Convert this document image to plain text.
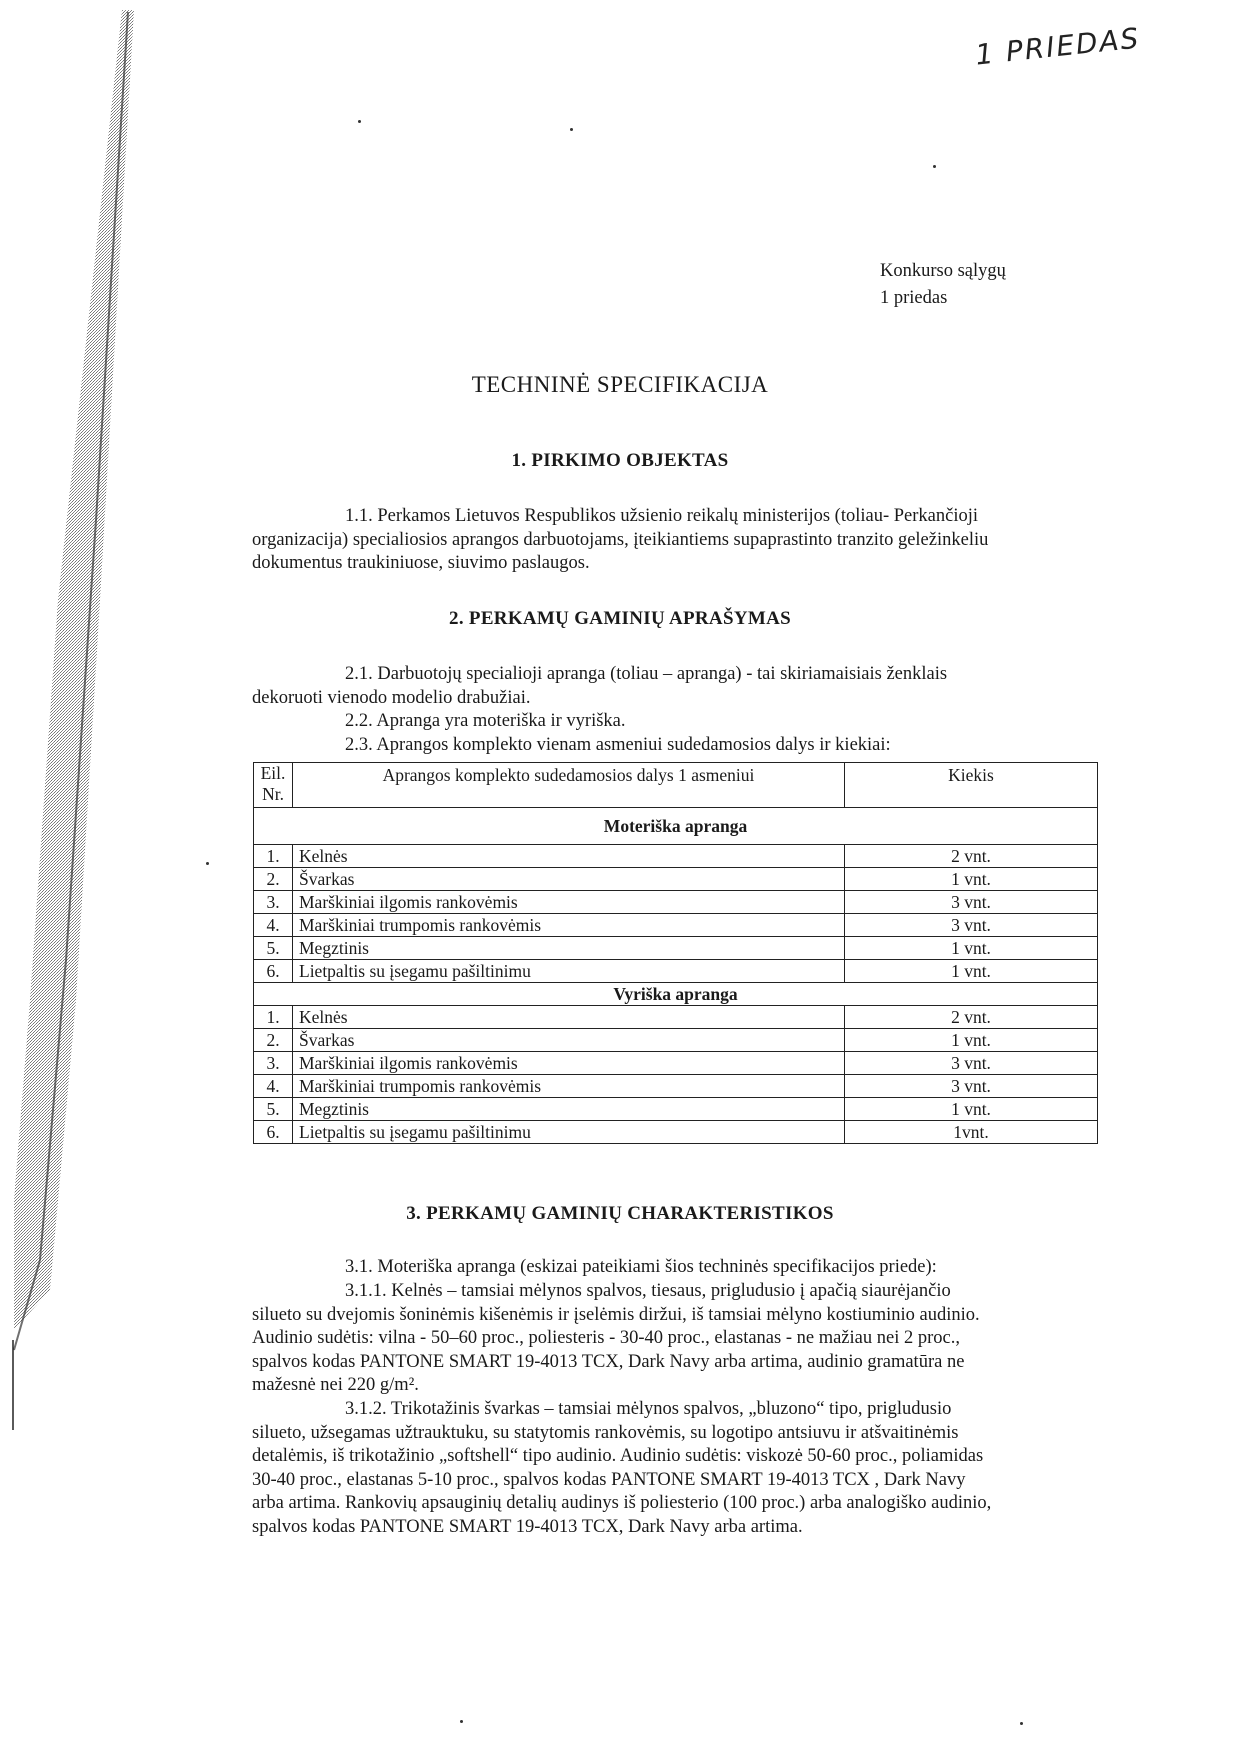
1 PRIEDAS
Konkurso sąlygų
1 priedas
TECHNINĖ SPECIFIKACIJA
1. PIRKIMO OBJEKTAS
1.1. Perkamos Lietuvos Respublikos užsienio reikalų ministerijos (toliau- Perkančioji
organizacija) specialiosios aprangos darbuotojams, įteikiantiems supaprastinto tranzito geležinkeliu
dokumentus traukiniuose, siuvimo paslaugos.
2. PERKAMŲ GAMINIŲ APRAŠYMAS
2.1. Darbuotojų specialioji apranga (toliau – apranga) - tai skiriamaisiais ženklais
dekoruoti vienodo modelio drabužiai.
2.2. Apranga yra moteriška ir vyriška.
2.3. Aprangos komplekto vienam asmeniui sudedamosios dalys ir kiekiai:
Eil. Nr.	Aprangos komplekto sudedamosios dalys 1 asmeniui	Kiekis
Moteriška apranga		
1.	Kelnės	2 vnt.
2.	Švarkas	1 vnt.
3.	Marškiniai ilgomis rankovėmis	3 vnt.
4.	Marškiniai trumpomis rankovėmis	3 vnt.
5.	Megztinis	1 vnt.
6.	Lietpaltis su įsegamu pašiltinimu	1 vnt.
Vyriška apranga		
1.	Kelnės	2 vnt.
2.	Švarkas	1 vnt.
3.	Marškiniai ilgomis rankovėmis	3 vnt.
4.	Marškiniai trumpomis rankovėmis	3 vnt.
5.	Megztinis	1 vnt.
6.	Lietpaltis su įsegamu pašiltinimu	1vnt.
3. PERKAMŲ GAMINIŲ CHARAKTERISTIKOS
3.1. Moteriška apranga (eskizai pateikiami šios techninės specifikacijos priede):
3.1.1. Kelnės – tamsiai mėlynos spalvos, tiesaus, prigludusio į apačią siaurėjančio
silueto su dvejomis šoninėmis kišenėmis ir įselėmis diržui, iš tamsiai mėlyno kostiuminio audinio.
Audinio sudėtis: vilna - 50–60 proc., poliesteris - 30-40 proc., elastanas - ne mažiau nei 2 proc.,
spalvos kodas PANTONE SMART 19-4013 TCX, Dark Navy arba artima, audinio gramatūra ne
mažesnė nei 220 g/m².
3.1.2. Trikotažinis švarkas – tamsiai mėlynos spalvos, „bluzono“ tipo, prigludusio
silueto, užsegamas užtrauktuku, su statytomis rankovėmis, su logotipo antsiuvu ir atšvaitinėmis
detalėmis, iš trikotažinio „softshell“ tipo audinio. Audinio sudėtis: viskozė 50-60 proc., poliamidas
30-40 proc., elastanas 5-10 proc., spalvos kodas PANTONE SMART 19-4013 TCX , Dark Navy
arba artima. Rankovių apsauginių detalių audinys iš poliesterio (100 proc.) arba analogiško audinio,
spalvos kodas PANTONE SMART 19-4013 TCX, Dark Navy arba artima.
